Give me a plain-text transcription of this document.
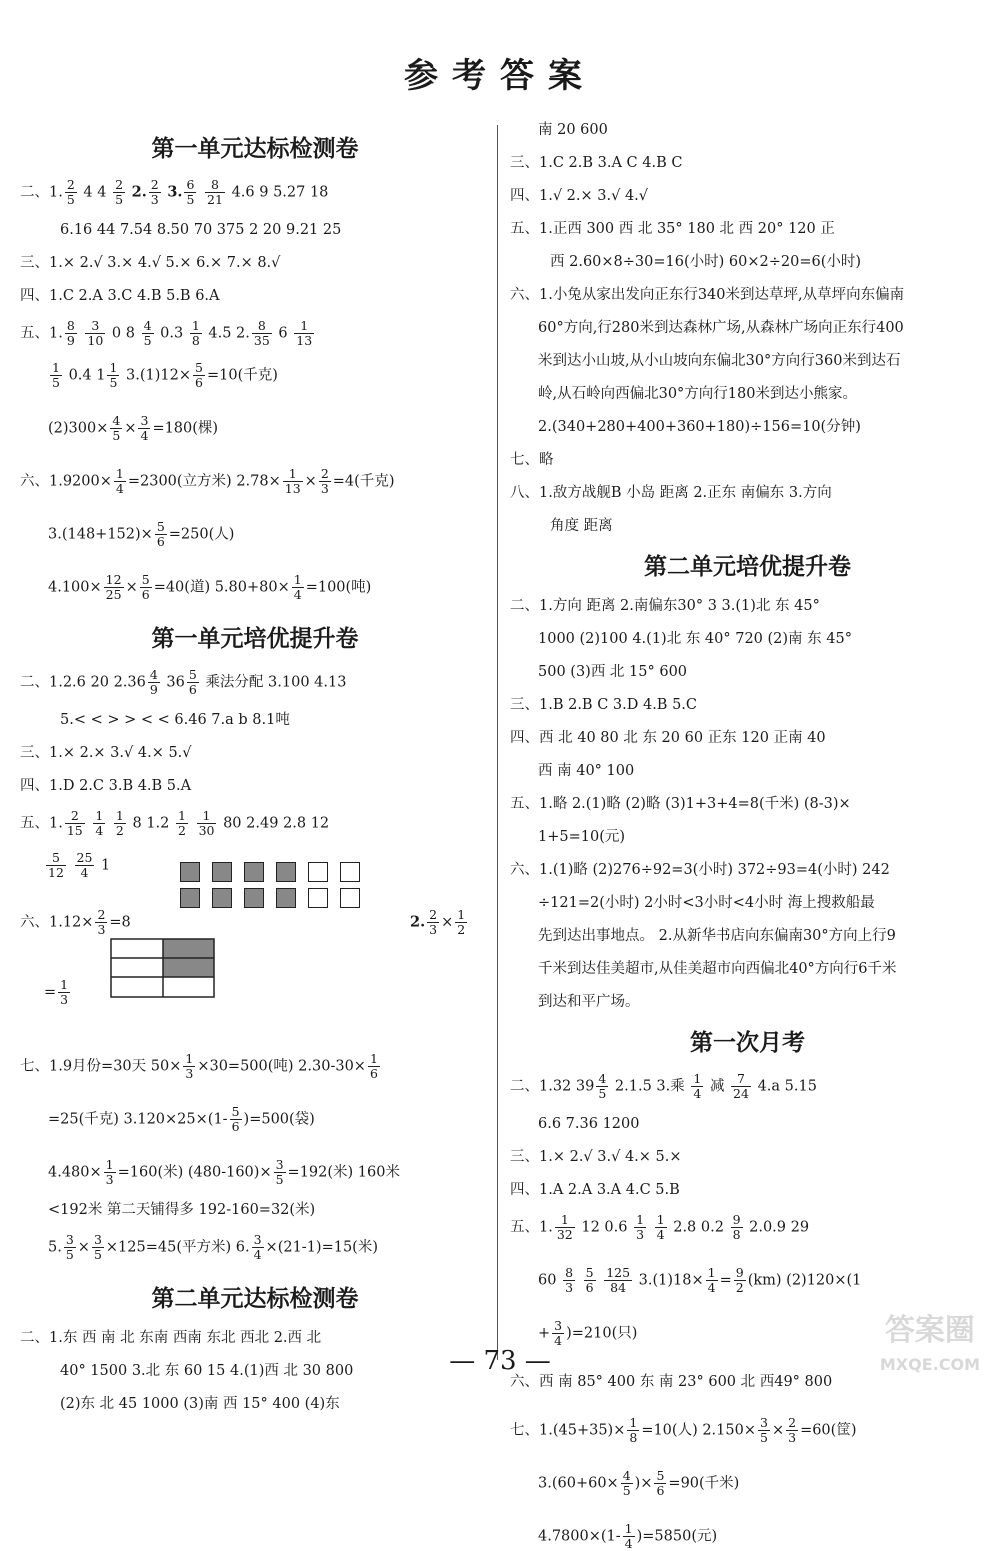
参考答案
第一单元达标检测卷
二、1. $\frac{2}{5} 4$ $4 \frac{2}{5} 2$. $\frac{2}{3} 3$. $\frac{6}{5}$
$\frac{8}{21} 4.6$ 9 5.27 18
6.16 44 7.54 8.50 70 375 2 20 9.21 25
三、1.× 2.√ 3.× 4.√ 5.× 6.× 7.× 8.√
四、1.C 2.A 3.C 4.B 5.B 6.A
五、1. $\frac{8}{9}$
$\frac{3}{10} 0$ $8 \frac{4}{5} 0.3 \frac{1}{8} 4.5$ 2. $\frac{8}{35} 6 \frac{1}{13}$
$\frac{1}{5} 0.4$ $1 \frac{1}{5} 3.(1)12\times \frac{5}{6} =10$(千克)
$(2)300\times \frac{4}{5} \times \frac{3}{4} =180$(棵)
六、$1.9200\times \frac{1}{4} =2300$(立方米) $2.78\times \frac{1}{13} \times \frac{2}{3} =4$(千克)
$3.(148+152)\times \frac{5}{6} =250$(人)
$4.100\times \frac{12}{25} \times \frac{5}{6} =40$(道) $5.80+80\times \frac{1}{4} =100$(吨)
第一单元培优提升卷
二、1.2.6 20 $2.36 \frac{4}{9} 36 \frac{5}{6}$ 乘法分配 3.100 4.13
5.< < > > < < 6.46 7.a b 8.1吨
三、1.× 2.× 3.√ 4.× 5.√
四、1.D 2.C 3.B 4.B 5.A
五、1. $\frac{2}{15}$
$\frac{1}{4}$
$\frac{1}{2} 8$ $1.2 \frac{1}{2}$
$\frac{1}{30} 80$ 2.49 2.8 12
$\frac{5}{12}$
$\frac{25}{4} 1$
六、$1.12\times \frac{2}{3} =8$	2. $\frac{2}{3} \times \frac{1}{2}$
= $\frac{1}{3}$
七、1.9月份=30天 $50\times \frac{1}{3} \times 30=500$(吨) $2.30-30\times \frac{1}{6}$
=25(千克) $3.120\times 25\times(1- \frac{5}{6} )=500$(袋)
$4.480\times \frac{1}{3} =160$(米) $(480-160)\times \frac{3}{5} =192$(米) 160米
<192米 第二天铺得多 192-160=32(米)
5. $\frac{3}{5} \times \frac{3}{5} \times 125=45$(平方米) 6. $\frac{3}{4} \times(21-1)=15$(米)
第二单元达标检测卷
二、1.东 西 南 北 东南 西南 东北 西北 2.西 北
40° 1500 3.北 东 60 15 4.(1)西 北 30 800
(2)东 北 45 1000 (3)南 西 15° 400 (4)东
南 20 600
三、1.C 2.B 3.A C 4.B C
四、1.√ 2.× 3.√ 4.√
五、1.正西 300 西 北 35° 180 北 西 20° 120 正
西 2.60×8÷30=16(小时) 60×2÷20=6(小时)
六、1.小兔从家出发向正东行340米到达草坪,从草坪向东偏南
60°方向,行280米到达森林广场,从森林广场向正东行400
米到达小山坡,从小山坡向东偏北30°方向行360米到达石
岭,从石岭向西偏北30°方向行180米到达小熊家。
2.(340+280+400+360+180)÷156=10(分钟)
七、略
八、1.敌方战舰B 小岛 距离 2.正东 南偏东 3.方向
角度 距离
第二单元培优提升卷
二、1.方向 距离 2.南偏东30° 3 3.(1)北 东 45°
1000 (2)100 4.(1)北 东 40° 720 (2)南 东 45°
500 (3)西 北 15° 600
三、1.B 2.B C 3.D 4.B 5.C
四、西 北 40 80 北 东 20 60 正东 120 正南 40
西 南 40° 100
五、1.略 2.(1)略 (2)略 (3)1+3+4=8(千米) (8-3)×
1+5=10(元)
六、1.(1)略 (2)276÷92=3(小时) 372÷93=4(小时) 242
÷121=2(小时) 2小时<3小时<4小时 海上搜救船最
先到达出事地点。 2.从新华书店向东偏南30°方向上行9
千米到达佳美超市,从佳美超市向西偏北40°方向行6千米
到达和平广场。
第一次月考
二、1.32 $39 \frac{4}{5} 2.1.5$ 3.乘 $\frac{1}{4}$ 减 $\frac{7}{24} 4.a$ 5.15
6.6 7.36 1200
三、1.× 2.√ 3.√ 4.× 5.×
四、1.A 2.A 3.A 4.C 5.B
五、1. $\frac{1}{32} 12$ $0.6 \frac{1}{3}$
$\frac{1}{4} 2.8$ $0.2 \frac{9}{8} 2.0.9$ 29
$60 \frac{8}{3}$
$\frac{5}{6}$
$\frac{125}{84} 3.(1)18\times \frac{1}{4} = \frac{9}{2} (km)$ (2)120×(1
+ $\frac{3}{4} )=210$(只)
六、西 南 85° 400 东 南 23° 600 北 西49° 800
七、$1.(45+35)\times \frac{1}{8} =10$(人) $2.150\times \frac{3}{5} \times \frac{2}{3} =60$(筐)
$3.(60+60\times \frac{4}{5}$ )× $\frac{5}{6} =90$(千米)
$4.7800\times(1- \frac{1}{4} )=5850$(元)
— 73 —
答案圈
MXQE.COM
